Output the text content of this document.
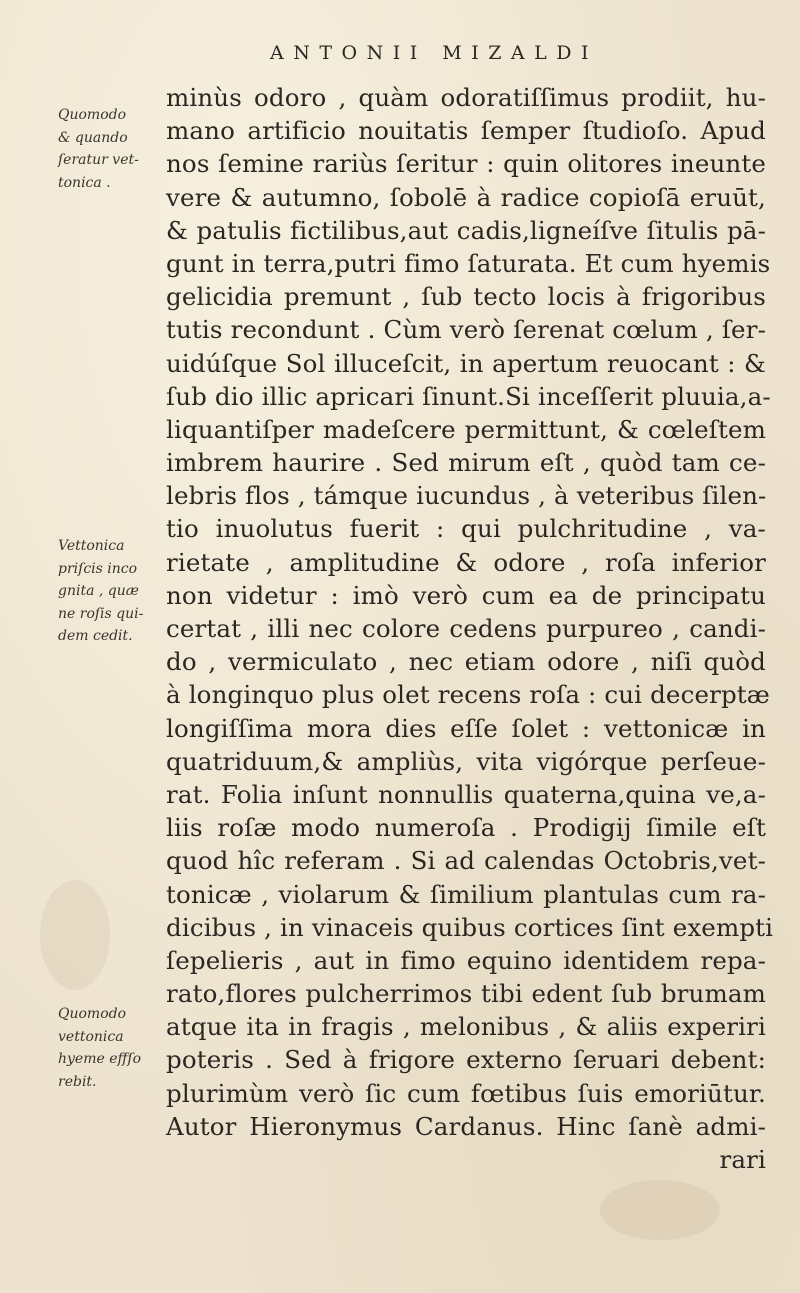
ANTONII MIZALDI
minùs odoro , quàm odoratiſſimus prodiit, hu-
mano artificio nouitatis ſemper ſtudioſo. Apud
nos ſemine rariùs ſeritur : quin olitores ineunte
vere & autumno, ſobolē à radice copioſā eruūt,
& patulis fictilibus,aut cadis,ligneíſve ſitulis pā-
gunt in terra,putri fimo ſaturata. Et cum hyemis
gelicidia premunt , ſub tecto locis à frigoribus
tutis recondunt . Cùm verò ſerenat cœlum , ſer-
uidúſque Sol illuceſcit, in apertum reuocant : &
ſub dio illic apricari ſinunt.Si inceſſerit pluuia,a-
liquantiſper madeſcere permittunt, & cœleſtem
imbrem haurire . Sed mirum eſt , quòd tam ce-
lebris flos , támque iucundus , à veteribus ſilen-
tio inuolutus fuerit : qui pulchritudine , va-
rietate , amplitudine & odore , roſa inferior
non videtur : imò verò cum ea de principatu
certat , illi nec colore cedens purpureo , candi-
do , vermiculato , nec etiam odore , niſi quòd
à longinquo plus olet recens roſa : cui decerptæ
longiſſima mora dies eſſe ſolet : vettonicæ in
quatriduum,& ampliùs, vita vigórque perſeue-
rat. Folia inſunt nonnullis quaterna,quina ve,a-
liis roſæ modo numeroſa . Prodigij ſimile eſt
quod hîc referam . Si ad calendas Octobris,vet-
tonicæ , violarum & ſimilium plantulas cum ra-
dicibus , in vinaceis quibus cortices ſint exempti
ſepelieris , aut in fimo equino identidem repa-
rato,flores pulcherrimos tibi edent ſub brumam
atque ita in fragis , melonibus , & aliis experiri
poteris . Sed à frigore externo ſeruari debent:
plurimùm verò ſic cum fœtibus ſuis emoriūtur.
Autor Hieronymus Cardanus. Hinc ſanè admi-
rari
Quomodo
& quando
ſeratur vet-
tonica .
Vettonica
priſcis inco
gnita , quæ
ne roſis qui-
dem cedit.
Quomodo
vettonica
hyeme effſo
rebit.
